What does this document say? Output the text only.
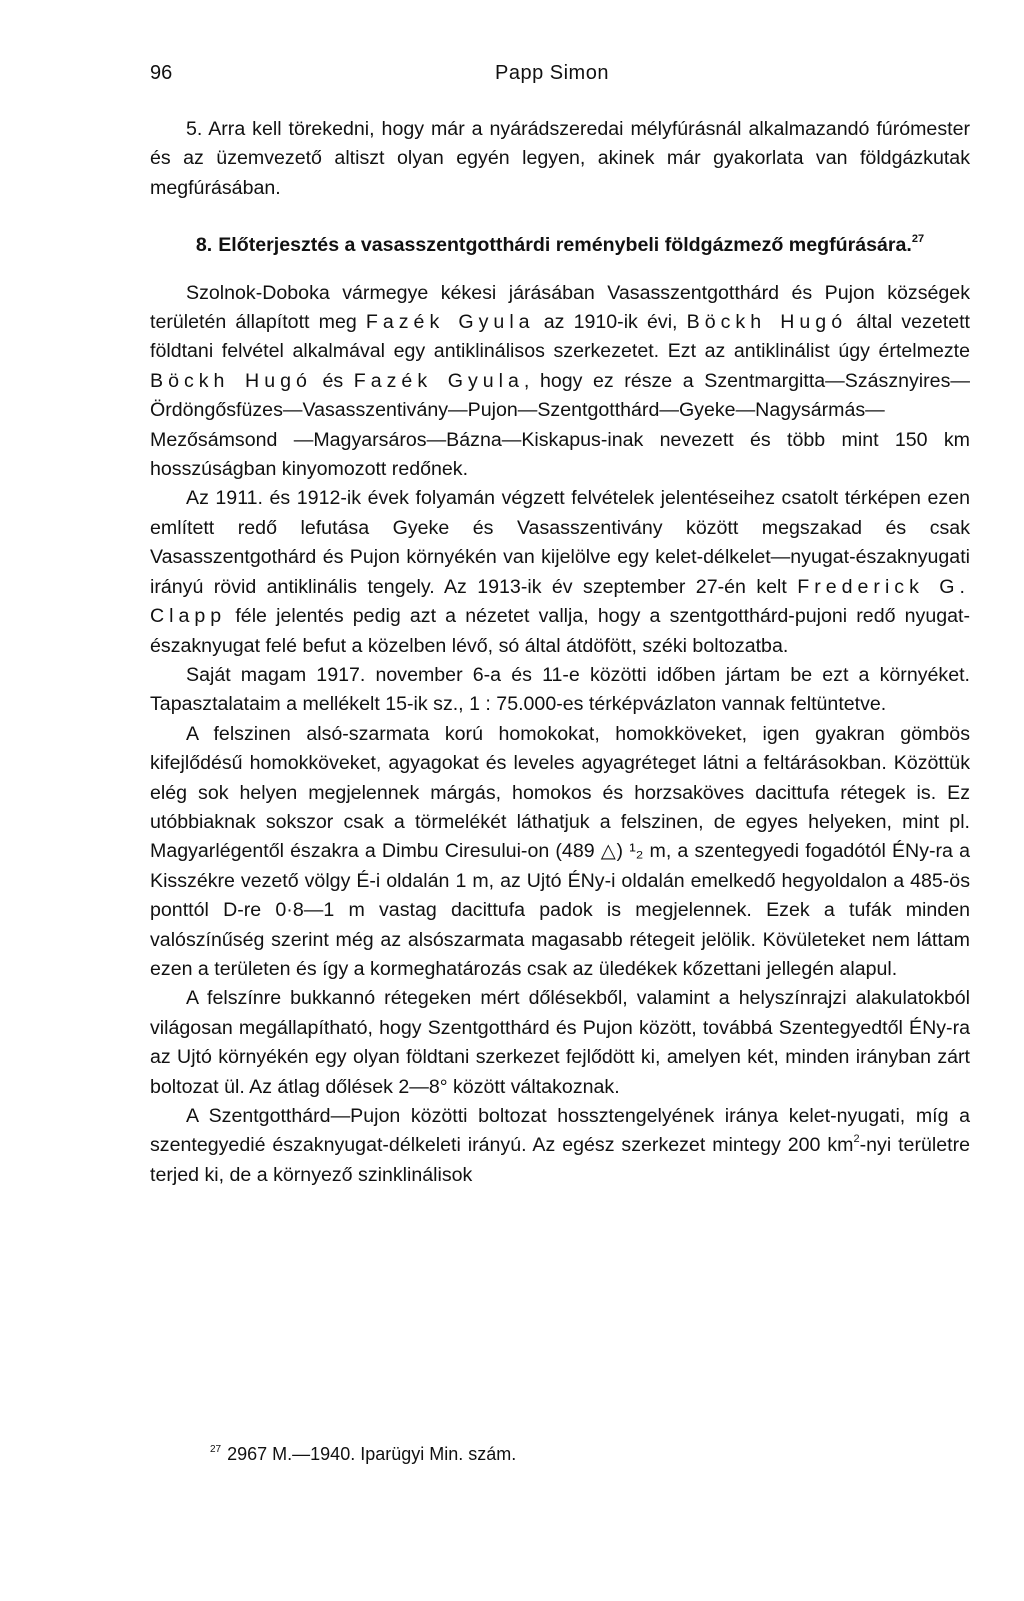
96	Papp Simon

5. Arra kell törekedni, hogy már a nyárádszeredai mélyfúrásnál alkalmazandó fúrómester és az üzemvezető altiszt olyan egyén legyen, akinek már gyakorlata van földgázkutak megfúrásában.

8. Előterjesztés a vasasszentgotthárdi reménybeli földgázmező megfúrására.$^{27}$

Szolnok-Doboka vármegye kékesi járásában Vasasszentgotthárd és Pujon községek területén állapított meg Fazék Gyula az 1910-ik évi, Böckh Hugó által vezetett földtani felvétel alkalmával egy antiklinálisos szerkezetet. Ezt az antiklinálist úgy értelmezte Böckh Hugó és Fazék Gyula, hogy ez része a Szentmargitta—Szásznyires— Ördöngősfüzes—Vasasszentivány—Pujon—Szentgotthárd—Gyeke—Nagysármás— Mezősámsond —Magyarsáros—Bázna—Kiskapus-inak nevezett és több mint 150 km hosszúságban kinyomozott redőnek.

Az 1911. és 1912-ik évek folyamán végzett felvételek jelentéseihez csatolt térképen ezen említett redő lefutása Gyeke és Vasasszentivány között megszakad és csak Vasasszentgothárd és Pujon környékén van kijelölve egy kelet-délkelet—nyugat-északnyugati irányú rövid antiklinális tengely. Az 1913-ik év szeptember 27-én kelt Frederick G. Clapp féle jelentés pedig azt a nézetet vallja, hogy a szentgotthárd-pujoni redő nyugat-északnyugat felé befut a közelben lévő, só által átdöfött, széki boltozatba.

Saját magam 1917. november 6-a és 11-e közötti időben jártam be ezt a környéket. Tapasztalataim a mellékelt 15-ik sz., 1 : 75.000-es térképvázlaton vannak feltüntetve.

A felszinen alsó-szarmata korú homokokat, homokköveket, igen gyakran gömbös kifejlődésű homokköveket, agyagokat és leveles agyagréteget látni a feltárásokban. Közöttük elég sok helyen megjelennek márgás, homokos és horzsaköves dacittufa rétegek is. Ez utóbbiaknak sokszor csak a törmelékét láthatjuk a felszinen, de egyes helyeken, mint pl. Magyarlégentől északra a Dimbu Ciresului-on (489 △) ¹₂ m, a szentegyedi fogadótól ÉNy-ra a Kisszékre vezető völgy É-i oldalán 1 m, az Ujtó ÉNy-i oldalán emelkedő hegyoldalon a 485-ös ponttól D-re 0·8—1 m vastag dacittufa padok is megjelennek. Ezek a tufák minden valószínűség szerint még az alsószarmata magasabb rétegeit jelölik. Kövületeket nem láttam ezen a területen és így a kormeghatározás csak az üledékek kőzettani jellegén alapul.

A felszínre bukkannó rétegeken mért dőlésekből, valamint a helyszínrajzi alakulatokból világosan megállapítható, hogy Szentgotthárd és Pujon között, továbbá Szentegyedtől ÉNy-ra az Ujtó környékén egy olyan földtani szerkezet fejlődött ki, amelyen két, minden irányban zárt boltozat ül. Az átlag dőlések 2—8° között váltakoznak.

A Szentgotthárd—Pujon közötti boltozat hossztengelyének iránya kelet-nyugati, míg a szentegyedié északnyugat-délkeleti irányú. Az egész szerkezet mintegy 200 $km^2$-nyi területre terjed ki, de a környező szinklinálisok

$^{27}$ 2967 M.—1940. Iparügyi Min. szám.
